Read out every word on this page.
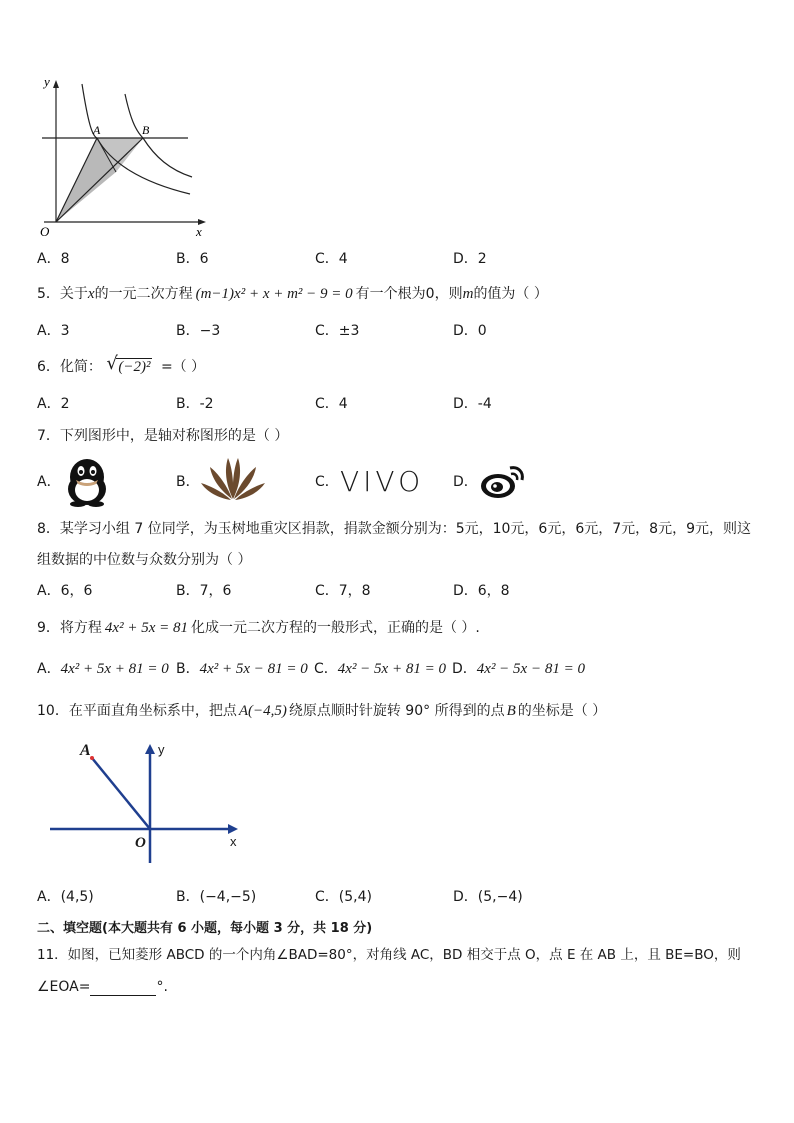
y
x
O
A	B
A．8	B．6	C．4	D．2
5．关于x的一元二次方程 (m−1)x² + x + m² − 9 = 0 有一个根为0，则m的值为（ ）
A．3	B．−3	C．±3	D．0
6．化简： √ (−2)² =（ ）
A．2	B．-2	C．4	D．-4
7．下列图形中，是轴对称图形的是（ ）
A．	B．	C． VIVO D．
8．某学习小组 7 位同学，为玉树地重灾区捐款，捐款金额分别为：5元，10元，6元，6元，7元，8元，9元，则这
组数据的中位数与众数分别为（ ）
A．6，6	B．7，6	C．7，8	D．6，8
9．将方程 4x² + 5x = 81 化成一元二次方程的一般形式，正确的是（ ）.
A．4x² + 5x + 81 = 0 B．4x² + 5x − 81 = 0 C．4x² − 5x + 81 = 0 D．4x² − 5x − 81 = 0
10．在平面直角坐标系中，把点 A(−4,5) 绕原点顺时针旋转 90° 所得到的点 B 的坐标是（ ）
A	y
O	x
A．(4,5)	B．(−4,−5)	C．(5,4)	D．(5,−4)
二、填空题(本大题共有 6 小题，每小题 3 分，共 18 分)
11．如图，已知菱形 ABCD 的一个内角∠BAD=80°，对角线 AC，BD 相交于点 O，点 E 在 AB 上，且 BE=BO，则
∠EOA=	°.
